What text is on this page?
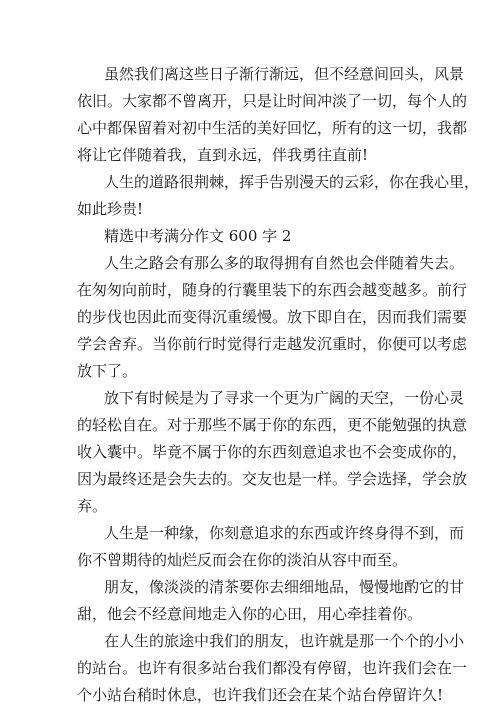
虽然我们离这些日子渐行渐远，但不经意间回头，风景
依旧。大家都不曾离开，只是让时间冲淡了一切，每个人的
心中都保留着对初中生活的美好回忆，所有的这一切，我都
将让它伴随着我，直到永远，伴我勇往直前!
人生的道路很荆棘，挥手告别漫天的云彩，你在我心里，
如此珍贵!
精选中考满分作文 600 字 2
人生之路会有那么多的取得拥有自然也会伴随着失去。
在匆匆向前时，随身的行囊里装下的东西会越变越多。前行
的步伐也因此而变得沉重缓慢。放下即自在，因而我们需要
学会舍弃。当你前行时觉得行走越发沉重时，你便可以考虑
放下了。
放下有时候是为了寻求一个更为广阔的天空，一份心灵
的轻松自在。对于那些不属于你的东西，更不能勉强的执意
收入囊中。毕竟不属于你的东西刻意追求也不会变成你的，
因为最终还是会失去的。交友也是一样。学会选择，学会放
弃。
人生是一种缘，你刻意追求的东西或许终身得不到，而
你不曾期待的灿烂反而会在你的淡泊从容中而至。
朋友，像淡淡的清茶要你去细细地品，慢慢地酌它的甘
甜，他会不经意间地走入你的心田，用心牵挂着你。
在人生的旅途中我们的朋友，也许就是那一个个的小小
的站台。也许有很多站台我们都没有停留，也许我们会在一
个小站台稍时休息，也许我们还会在某个站台停留许久!
